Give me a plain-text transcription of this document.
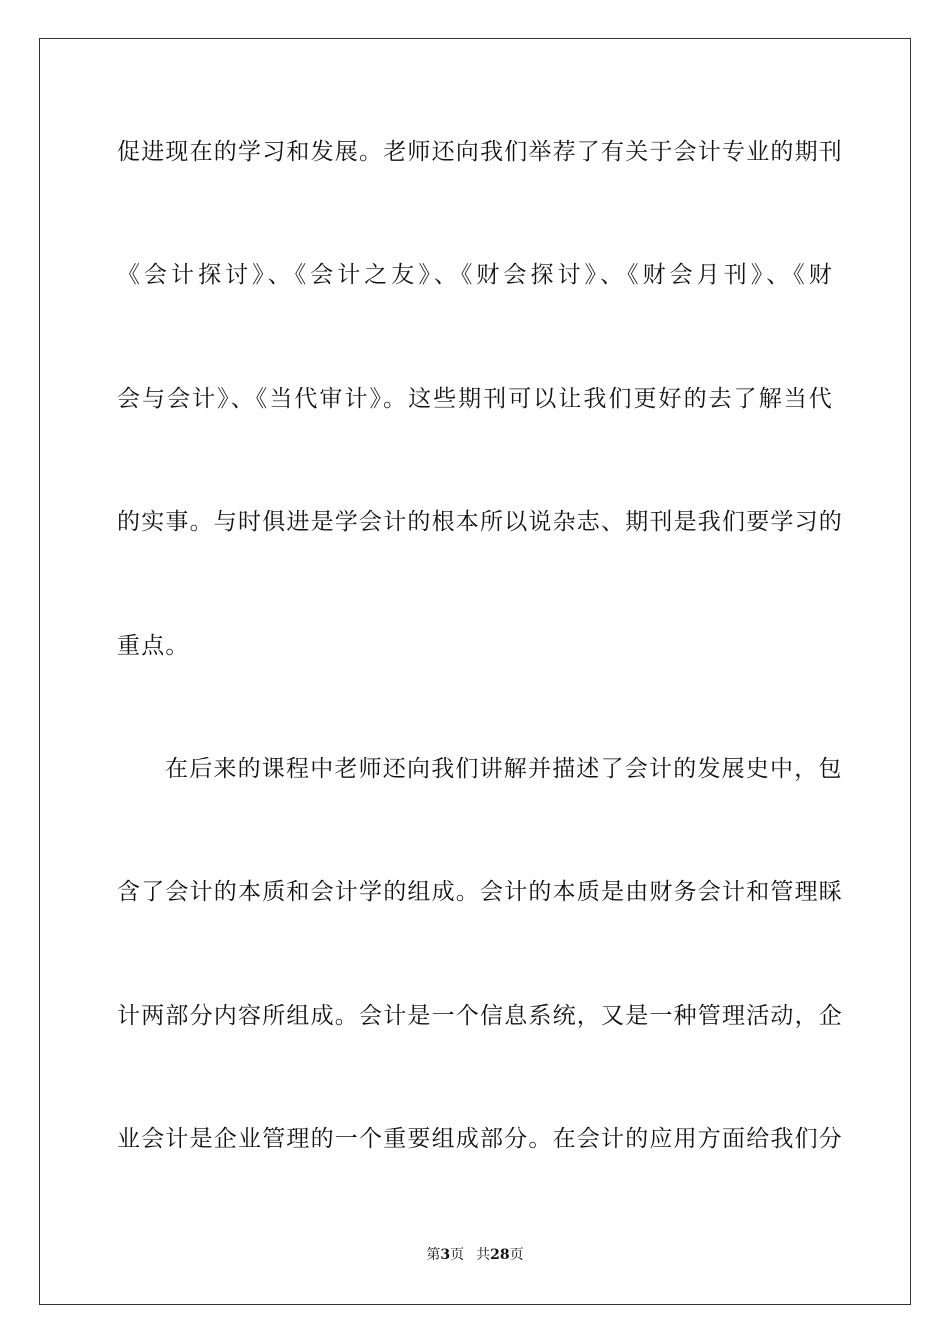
促进现在的学习和发展。老师还向我们举荐了有关于会计专业的期刊
《会计探讨》、《会计之友》、《财会探讨》、《财会月刊》、《财
会与会计》、《当代审计》。这些期刊可以让我们更好的去了解当代
的实事。与时俱进是学会计的根本所以说杂志、期刊是我们要学习的
重点。
在后来的课程中老师还向我们讲解并描述了会计的发展史中，包
含了会计的本质和会计学的组成。会计的本质是由财务会计和管理睬
计两部分内容所组成。会计是一个信息系统，又是一种管理活动，企
业会计是企业管理的一个重要组成部分。在会计的应用方面给我们分
第3页 共28页
